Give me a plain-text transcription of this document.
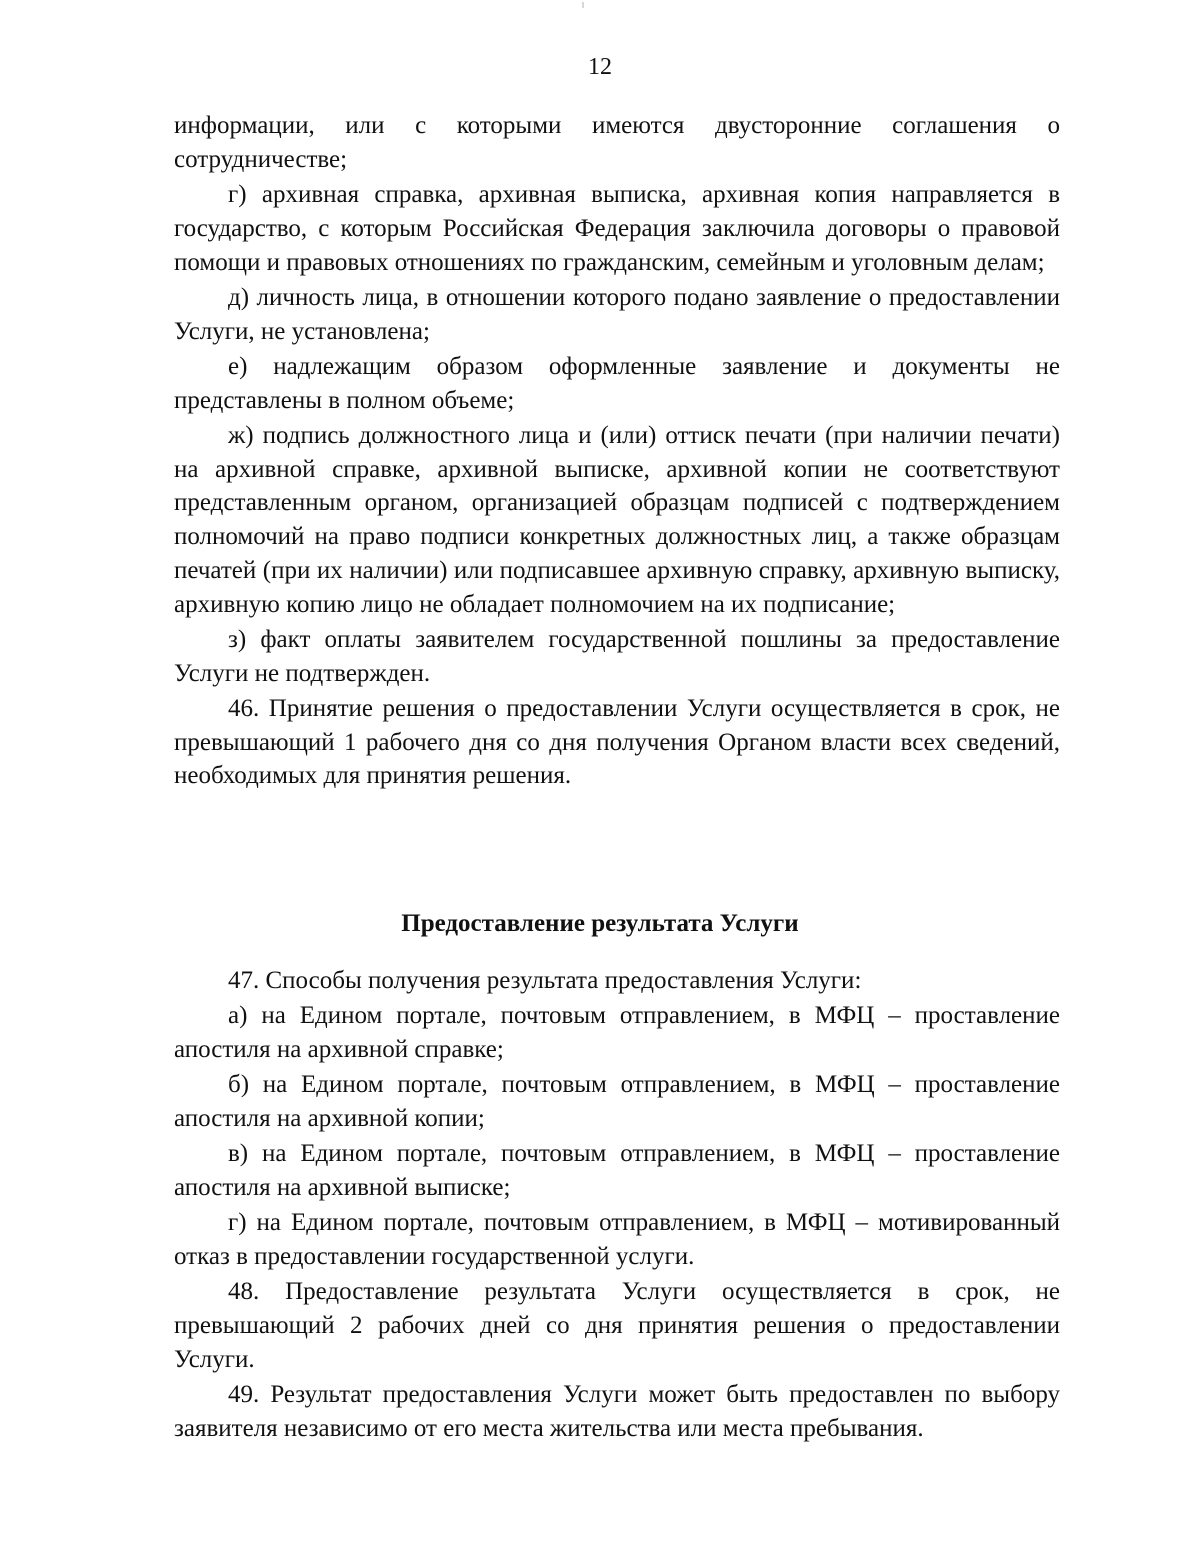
12

информации, или с которыми имеются двусторонние соглашения о сотрудничестве;

г) архивная справка, архивная выписка, архивная копия направляется в государство, с которым Российская Федерация заключила договоры о правовой помощи и правовых отношениях по гражданским, семейным и уголовным делам;

д) личность лица, в отношении которого подано заявление о предоставлении Услуги, не установлена;

е) надлежащим образом оформленные заявление и документы не представлены в полном объеме;

ж) подпись должностного лица и (или) оттиск печати (при наличии печати) на архивной справке, архивной выписке, архивной копии не соответствуют представленным органом, организацией образцам подписей с подтверждением полномочий на право подписи конкретных должностных лиц, а также образцам печатей (при их наличии) или подписавшее архивную справку, архивную выписку, архивную копию лицо не обладает полномочием на их подписание;

з) факт оплаты заявителем государственной пошлины за предоставление Услуги не подтвержден.

46. Принятие решения о предоставлении Услуги осуществляется в срок, не превышающий 1 рабочего дня со дня получения Органом власти всех сведений, необходимых для принятия решения.

Предоставление результата Услуги

47. Способы получения результата предоставления Услуги:

а) на Едином портале, почтовым отправлением, в МФЦ – проставление апостиля на архивной справке;

б) на Едином портале, почтовым отправлением, в МФЦ – проставление апостиля на архивной копии;

в) на Едином портале, почтовым отправлением, в МФЦ – проставление апостиля на архивной выписке;

г) на Едином портале, почтовым отправлением, в МФЦ – мотивированный отказ в предоставлении государственной услуги.

48. Предоставление результата Услуги осуществляется в срок, не превышающий 2 рабочих дней со дня принятия решения о предоставлении Услуги.

49. Результат предоставления Услуги может быть предоставлен по выбору заявителя независимо от его места жительства или места пребывания.
